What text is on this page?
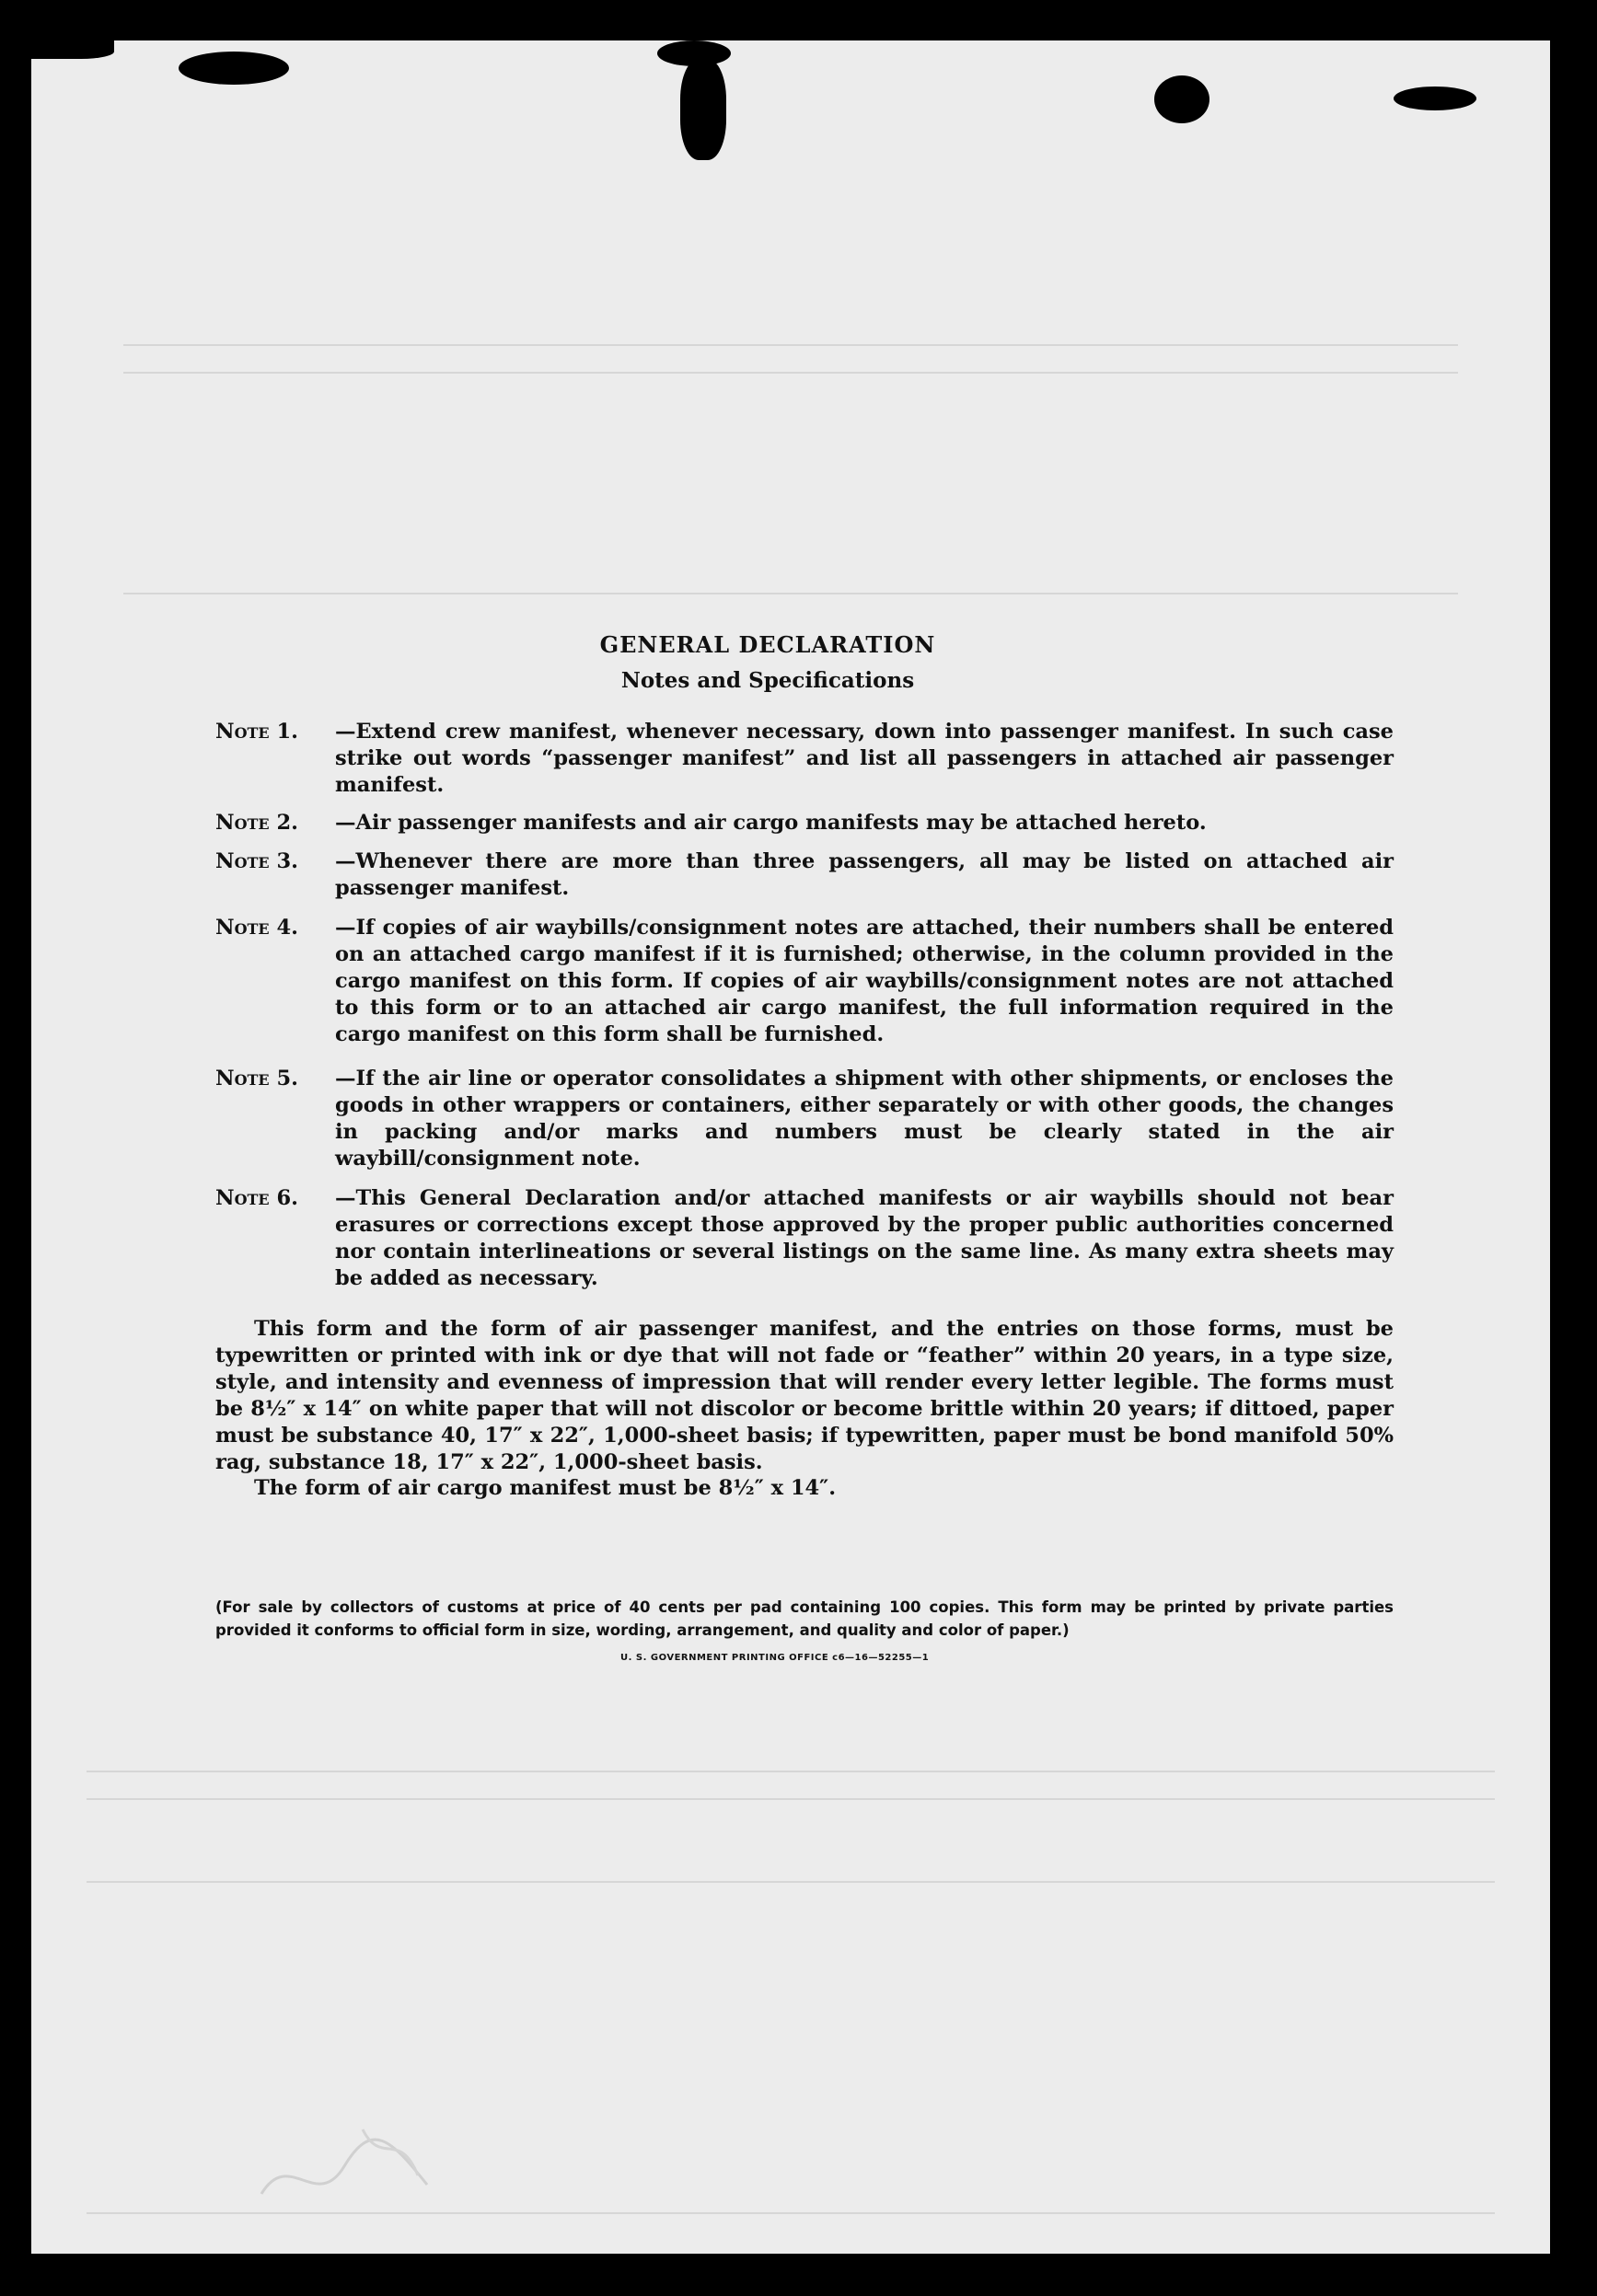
GENERAL DECLARATION
Notes and Specifications
Note 1.	—Extend crew manifest, whenever necessary, down into passenger manifest. In such case strike out words “passenger manifest” and list all passengers in attached air passenger manifest.
Note 2.	—Air passenger manifests and air cargo manifests may be attached hereto.
Note 3.	—Whenever there are more than three passengers, all may be listed on attached air passenger manifest.
Note 4.	—If copies of air waybills/consignment notes are attached, their numbers shall be entered on an attached cargo manifest if it is furnished; otherwise, in the column provided in the cargo manifest on this form. If copies of air waybills/consignment notes are not attached to this form or to an attached air cargo manifest, the full information required in the cargo manifest on this form shall be furnished.
Note 5.	—If the air line or operator consolidates a shipment with other shipments, or encloses the goods in other wrappers or containers, either separately or with other goods, the changes in packing and/or marks and numbers must be clearly stated in the air waybill/consignment note.
Note 6.	—This General Declaration and/or attached manifests or air waybills should not bear erasures or corrections except those approved by the proper public authorities concerned nor contain interlineations or several listings on the same line. As many extra sheets may be added as necessary.
This form and the form of air passenger manifest, and the entries on those forms, must be typewritten or printed with ink or dye that will not fade or “feather” within 20 years, in a type size, style, and intensity and evenness of impression that will render every letter legible. The forms must be 8½″ x 14″ on white paper that will not discolor or become brittle within 20 years; if dittoed, paper must be substance 40, 17″ x 22″, 1,000-sheet basis; if typewritten, paper must be bond manifold 50% rag, substance 18, 17″ x 22″, 1,000-sheet basis.
The form of air cargo manifest must be 8½″ x 14″.
(For sale by collectors of customs at price of 40 cents per pad containing 100 copies. This form may be printed by private parties provided it conforms to official form in size, wording, arrangement, and quality and color of paper.)
U. S. GOVERNMENT PRINTING OFFICE c6—16—52255—1
